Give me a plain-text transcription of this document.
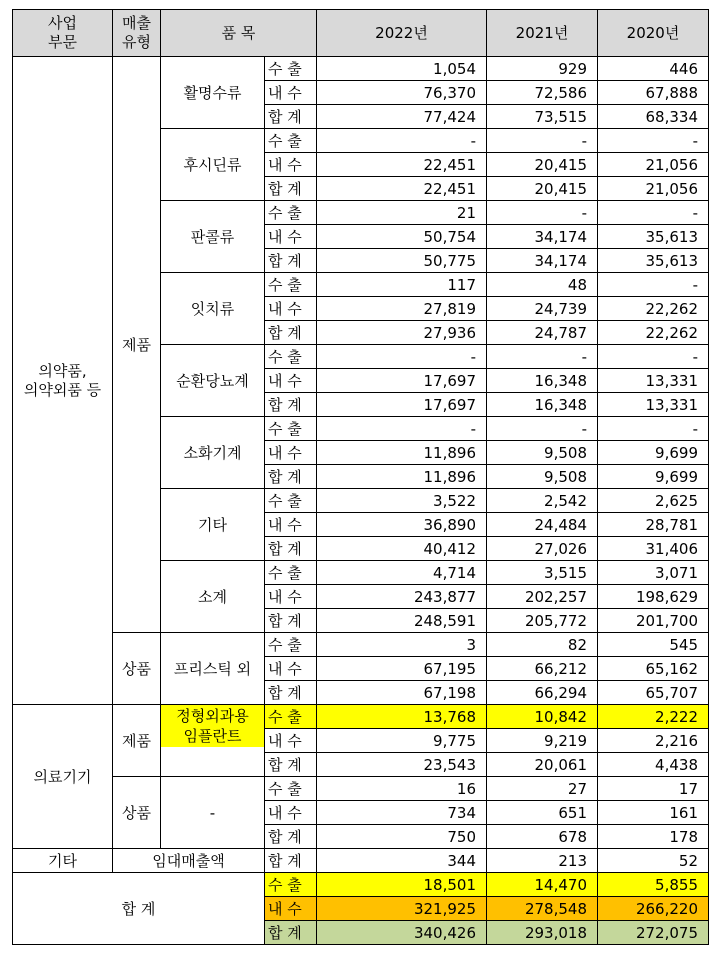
사업
부문	매출
유형	품 목		2022년	2021년	2020년
의약품,
의약외품 등	제품	활명수류	수 출	1,054	929	446
			내 수	76,370	72,586	67,888
			합 계	77,424	73,515	68,334
		후시딘류	수 출	-	-	-
			내 수	22,451	20,415	21,056
			합 계	22,451	20,415	21,056
		판콜류	수 출	21	-	-
			내 수	50,754	34,174	35,613
			합 계	50,775	34,174	35,613
		잇치류	수 출	117	48	-
			내 수	27,819	24,739	22,262
			합 계	27,936	24,787	22,262
		순환당뇨계	수 출	-	-	-
			내 수	17,697	16,348	13,331
			합 계	17,697	16,348	13,331
		소화기계	수 출	-	-	-
			내 수	11,896	9,508	9,699
			합 계	11,896	9,508	9,699
		기타	수 출	3,522	2,542	2,625
			내 수	36,890	24,484	28,781
			합 계	40,412	27,026	31,406
		소계	수 출	4,714	3,515	3,071
			내 수	243,877	202,257	198,629
			합 계	248,591	205,772	201,700
	상품	프리스틱 외	수 출	3	82	545
			내 수	67,195	66,212	65,162
			합 계	67,198	66,294	65,707
의료기기	제품	정형외과용
임플란트	수 출	13,768	10,842	2,222
			내 수	9,775	9,219	2,216
			합 계	23,543	20,061	4,438
	상품	-	수 출	16	27	17
			내 수	734	651	161
			합 계	750	678	178
기타	임대매출액		합 계	344	213	52
합 계			수 출	18,501	14,470	5,855
			내 수	321,925	278,548	266,220
			합 계	340,426	293,018	272,075
